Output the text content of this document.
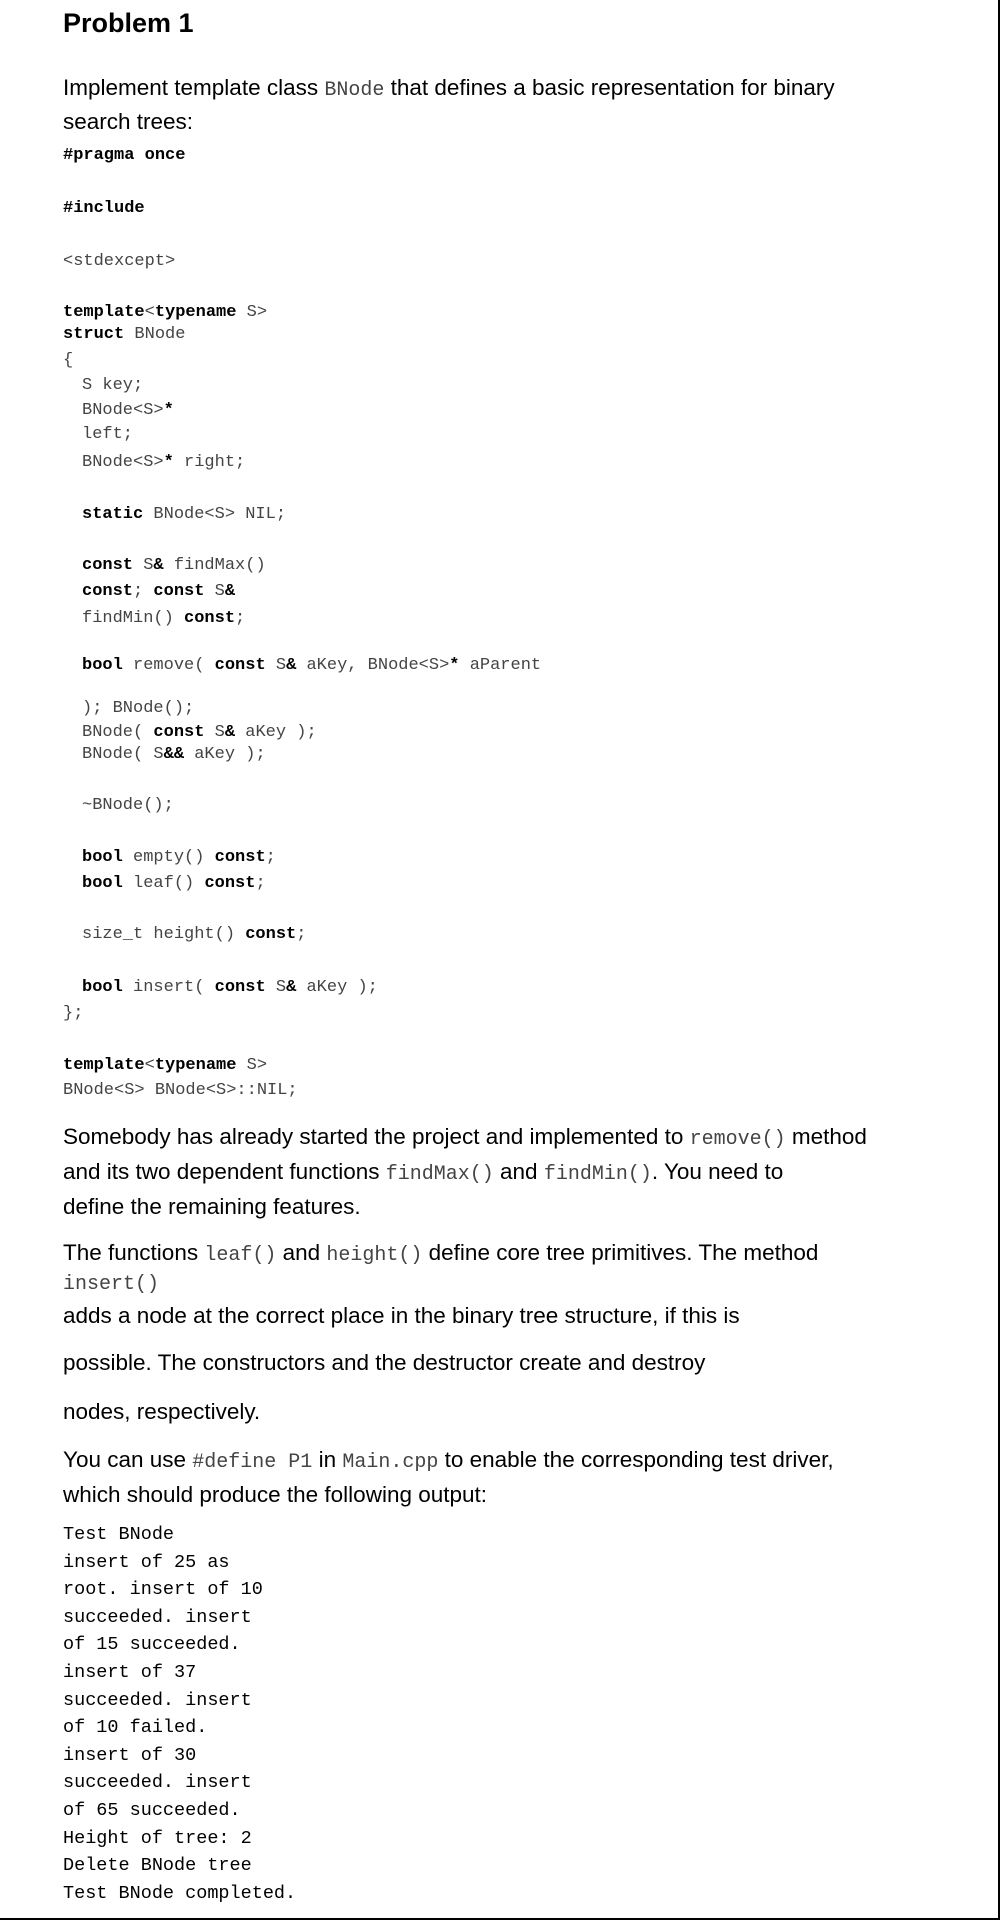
Problem 1
Implement template class BNode that defines a basic representation for binary
search trees:
#pragma once
#include
<stdexcept>
template<typename S>
struct BNode
{
S key;
BNode<S>*
left;
BNode<S>* right;
static BNode<S> NIL;
const S& findMax()
const; const S&
findMin() const;
bool remove( const S& aKey, BNode<S>* aParent
); BNode();
BNode( const S& aKey );
BNode( S&& aKey );
~BNode();
bool empty() const;
bool leaf() const;
size_t height() const;
bool insert( const S& aKey );
};
template<typename S>
BNode<S> BNode<S>::NIL;
Somebody has already started the project and implemented to remove() method
and its two dependent functions findMax() and findMin(). You need to
define the remaining features.
The functions leaf() and height() define core tree primitives. The method
insert()
adds a node at the correct place in the binary tree structure, if this is
possible. The constructors and the destructor create and destroy
nodes, respectively.
You can use #define P1 in Main.cpp to enable the corresponding test driver,
which should produce the following output:
Test BNode
insert of 25 as
root. insert of 10
succeeded. insert
of 15 succeeded.
insert of 37
succeeded. insert
of 10 failed.
insert of 30
succeeded. insert
of 65 succeeded.
Height of tree: 2
Delete BNode tree
Test BNode completed.
